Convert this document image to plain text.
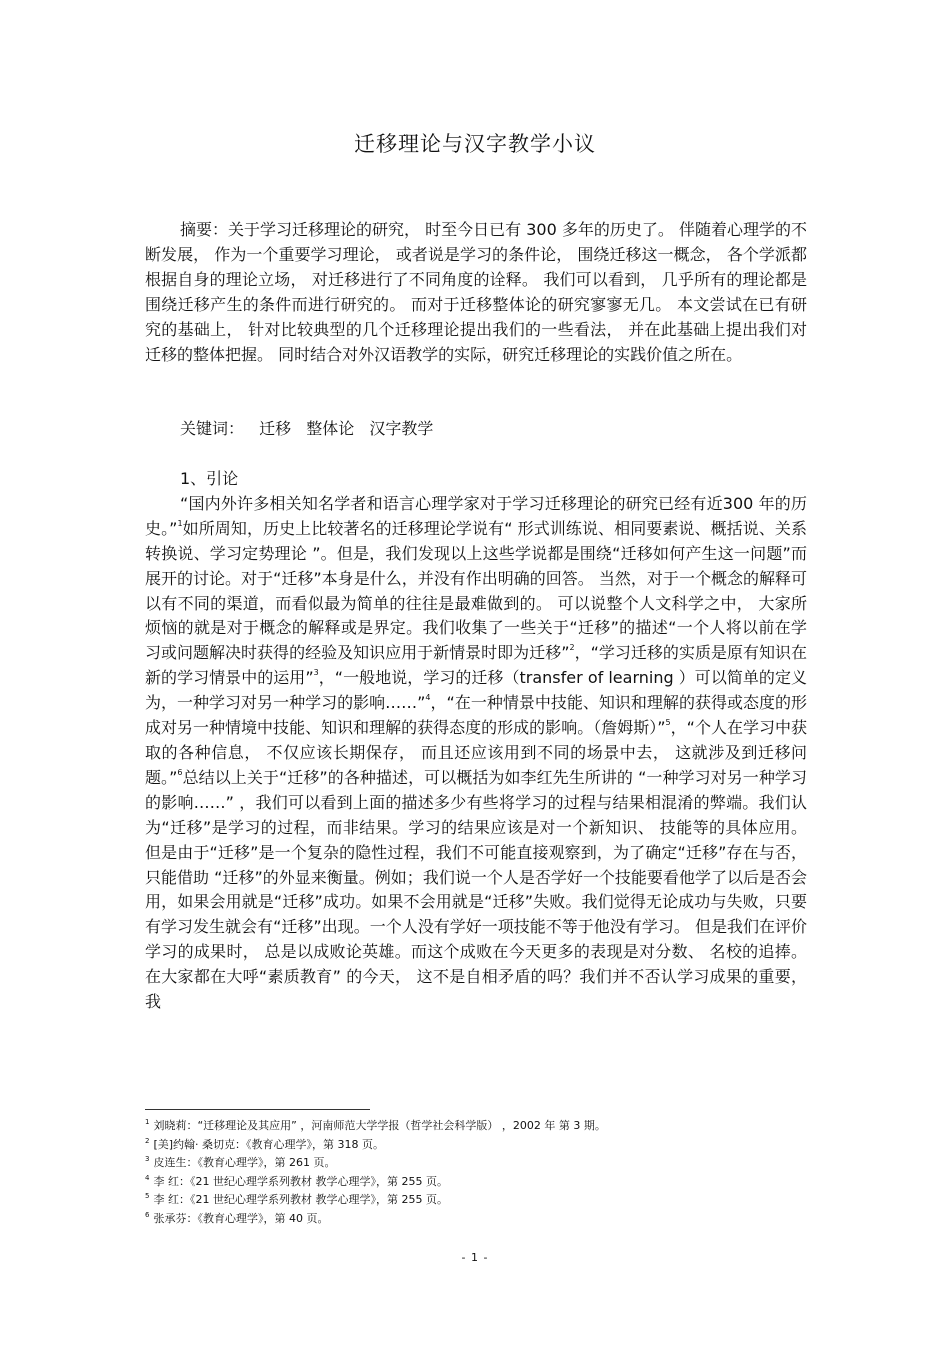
迁移理论与汉字教学小议
摘要：关于学习迁移理论的研究， 时至今日已有 300 多年的历史了。 伴随着心理学的不断发展， 作为一个重要学习理论， 或者说是学习的条件论， 围绕迁移这一概念， 各个学派都根据自身的理论立场， 对迁移进行了不同角度的诠释。 我们可以看到， 几乎所有的理论都是围绕迁移产生的条件而进行研究的。 而对于迁移整体论的研究寥寥无几。 本文尝试在已有研究的基础上， 针对比较典型的几个迁移理论提出我们的一些看法， 并在此基础上提出我们对迁移的整体把握。 同时结合对外汉语教学的实际，研究迁移理论的实践价值之所在。
关键词： 迁移 整体论 汉字教学
1、引论
“国内外许多相关知名学者和语言心理学家对于学习迁移理论的研究已经有近300 年的历史。”$^1$如所周知，历史上比较著名的迁移理论学说有“ 形式训练说、相同要素说、概括说、关系转换说、学习定势理论 ”。但是，我们发现以上这些学说都是围绕“迁移如何产生这一问题”而展开的讨论。对于“迁移”本身是什么，并没有作出明确的回答。 当然，对于一个概念的解释可以有不同的渠道，而看似最为简单的往往是最难做到的。 可以说整个人文科学之中， 大家所烦恼的就是对于概念的解释或是界定。我们收集了一些关于“迁移”的描述“一个人将以前在学习或问题解决时获得的经验及知识应用于新情景时即为迁移”$^2$，“学习迁移的实质是原有知识在新的学习情景中的运用”$^3$，“一般地说，学习的迁移（transfer of learning ）可以简单的定义为，一种学习对另一种学习的影响……”$^4$，“在一种情景中技能、知识和理解的获得或态度的形成对另一种情境中技能、知识和理解的获得态度的形成的影响。（詹姆斯）”$^5$，“个人在学习中获取的各种信息， 不仅应该长期保存， 而且还应该用到不同的场景中去， 这就涉及到迁移问题。”$^6$总结以上关于“迁移”的各种描述，可以概括为如李红先生所讲的 “一种学习对另一种学习的影响……” ，我们可以看到上面的描述多少有些将学习的过程与结果相混淆的弊端。我们认为“迁移”是学习的过程，而非结果。学习的结果应该是对一个新知识、 技能等的具体应用。 但是由于“迁移”是一个复杂的隐性过程，我们不可能直接观察到，为了确定“迁移”存在与否，只能借助 “迁移”的外显来衡量。例如；我们说一个人是否学好一个技能要看他学了以后是否会用，如果会用就是“迁移”成功。如果不会用就是“迁移”失败。我们觉得无论成功与失败，只要有学习发生就会有“迁移”出现。一个人没有学好一项技能不等于他没有学习。 但是我们在评价学习的成果时， 总是以成败论英雄。而这个成败在今天更多的表现是对分数、 名校的追捧。 在大家都在大呼“素质教育” 的今天， 这不是自相矛盾的吗？我们并不否认学习成果的重要， 我
$^1$ 刘晓莉：“迁移理论及其应用” ，河南师范大学学报（哲学社会科学版） ，2002 年 第 3 期。
$^2$ [美]约翰· 桑切克：《教育心理学》，第 318 页。
$^3$ 皮连生：《教育心理学》，第 261 页。
$^4$ 李 红：《21 世纪心理学系列教材 教学心理学》，第 255 页。
$^5$ 李 红：《21 世纪心理学系列教材 教学心理学》，第 255 页。
$^6$ 张承芬：《教育心理学》，第 40 页。
- 1 -
